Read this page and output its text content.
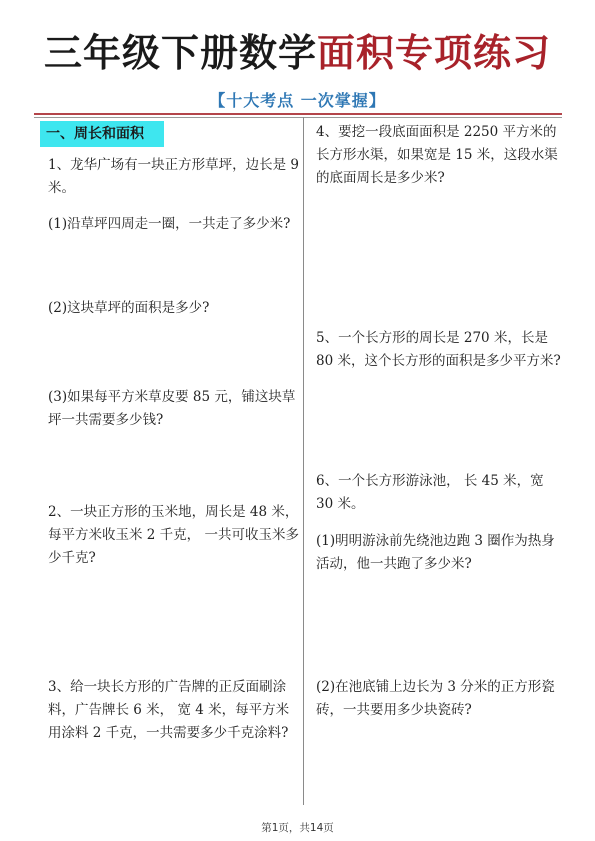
三年级下册数学面积专项练习
【十大考点 一次掌握】
一、周长和面积

1、龙华广场有一块正方形草坪，边长是 9 米。

(1)沿草坪四周走一圈，一共走了多少米?

(2)这块草坪的面积是多少?

(3)如果每平方米草皮要 85 元，铺这块草坪一共需要多少钱?

2、一块正方形的玉米地，周长是 48 米，每平方米收玉米 2 千克， 一共可收玉米多少千克?

3、给一块长方形的广告牌的正反面刷涂料，广告牌长 6 米， 宽 4 米，每平方米用涂料 2 千克，一共需要多少千克涂料?

4、要挖一段底面面积是 2250 平方米的长方形水渠，如果宽是 15 米，这段水渠的底面周长是多少米?

5、一个长方形的周长是 270 米，长是 80 米，这个长方形的面积是多少平方米?

6、一个长方形游泳池， 长 45 米，宽 30 米。

(1)明明游泳前先绕池边跑 3 圈作为热身活动，他一共跑了多少米?

(2)在池底铺上边长为 3 分米的正方形瓷砖，一共要用多少块瓷砖?

第1页，共14页
